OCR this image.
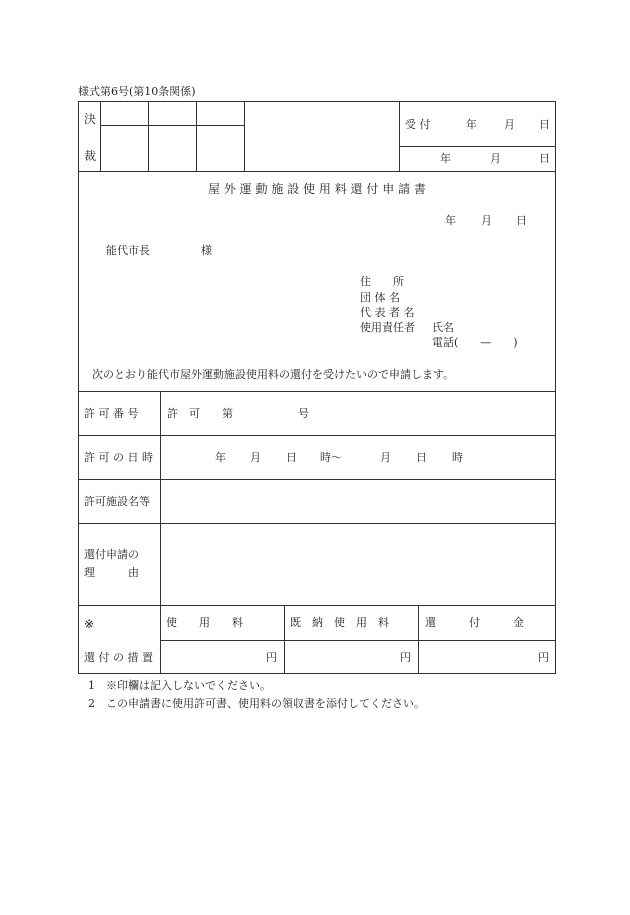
様式第6号(第10条関係)
決
裁
受 付	年 月 日
年	月	日
屋外運動施設使用料還付申請書
年 月 日
能代市長	様
住　　所
団 体 名
代 表 者 名
使用責任者 氏名
電話(　　—　　)
次のとおり能代市屋外運動施設使用料の還付を受けたいので申請します。
許 可 番 号	許　可　　第	号
許 可 の 日 時	年 月 日 時〜	月 日 時
許可施設名等
還付申請の
理　　　由
※
還 付 の 措 置
使　　用　　料	既　納　使　用　料	還　　　付　　　金
円	円	円
1　※印欄は記入しないでください。
2　この申請書に使用許可書、使用料の領収書を添付してください。
